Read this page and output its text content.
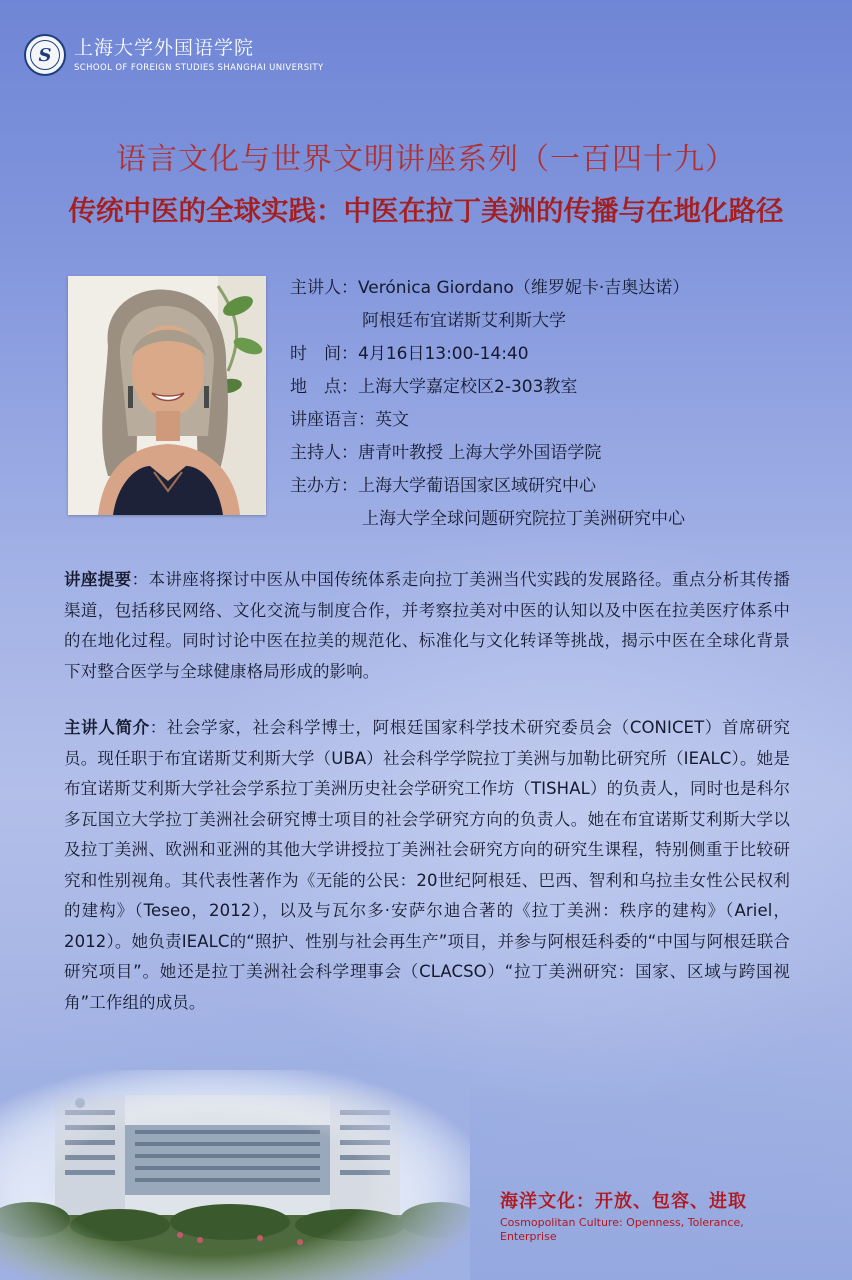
S 上海大学外国语学院
SCHOOL OF FOREIGN STUDIES SHANGHAI UNIVERSITY
语言文化与世界文明讲座系列（一百四十九）
传统中医的全球实践：中医在拉丁美洲的传播与在地化路径
主讲人： Verónica Giordano（维罗妮卡·吉奥达诺）
阿根廷布宜诺斯艾利斯大学
时　间： 4月16日13:00-14:40
地　点： 上海大学嘉定校区2-303教室
讲座语言： 英文
主持人： 唐青叶教授 上海大学外国语学院
主办方： 上海大学葡语国家区域研究中心
上海大学全球问题研究院拉丁美洲研究中心
讲座提要：本讲座将探讨中医从中国传统体系走向拉丁美洲当代实践的发展路径。重点分析其传播渠道，包括移民网络、文化交流与制度合作，并考察拉美对中医的认知以及中医在拉美医疗体系中的在地化过程。同时讨论中医在拉美的规范化、标准化与文化转译等挑战，揭示中医在全球化背景下对整合医学与全球健康格局形成的影响。
主讲人简介：社会学家，社会科学博士，阿根廷国家科学技术研究委员会（CONICET）首席研究员。现任职于布宜诺斯艾利斯大学（UBA）社会科学学院拉丁美洲与加勒比研究所（IEALC）。她是布宜诺斯艾利斯大学社会学系拉丁美洲历史社会学研究工作坊（TISHAL）的负责人，同时也是科尔多瓦国立大学拉丁美洲社会研究博士项目的社会学研究方向的负责人。她在布宜诺斯艾利斯大学以及拉丁美洲、欧洲和亚洲的其他大学讲授拉丁美洲社会研究方向的研究生课程，特别侧重于比较研究和性别视角。其代表性著作为《无能的公民：20世纪阿根廷、巴西、智利和乌拉圭女性公民权利的建构》（Teseo，2012），以及与瓦尔多·安萨尔迪合著的《拉丁美洲：秩序的建构》（Ariel，2012）。她负责IEALC的“照护、性别与社会再生产”项目，并参与阿根廷科委的“中国与阿根廷联合研究项目”。她还是拉丁美洲社会科学理事会（CLACSO）“拉丁美洲研究：国家、区域与跨国视角”工作组的成员。
海洋文化：开放、包容、进取
Cosmopolitan Culture: Openness, Tolerance, Enterprise
